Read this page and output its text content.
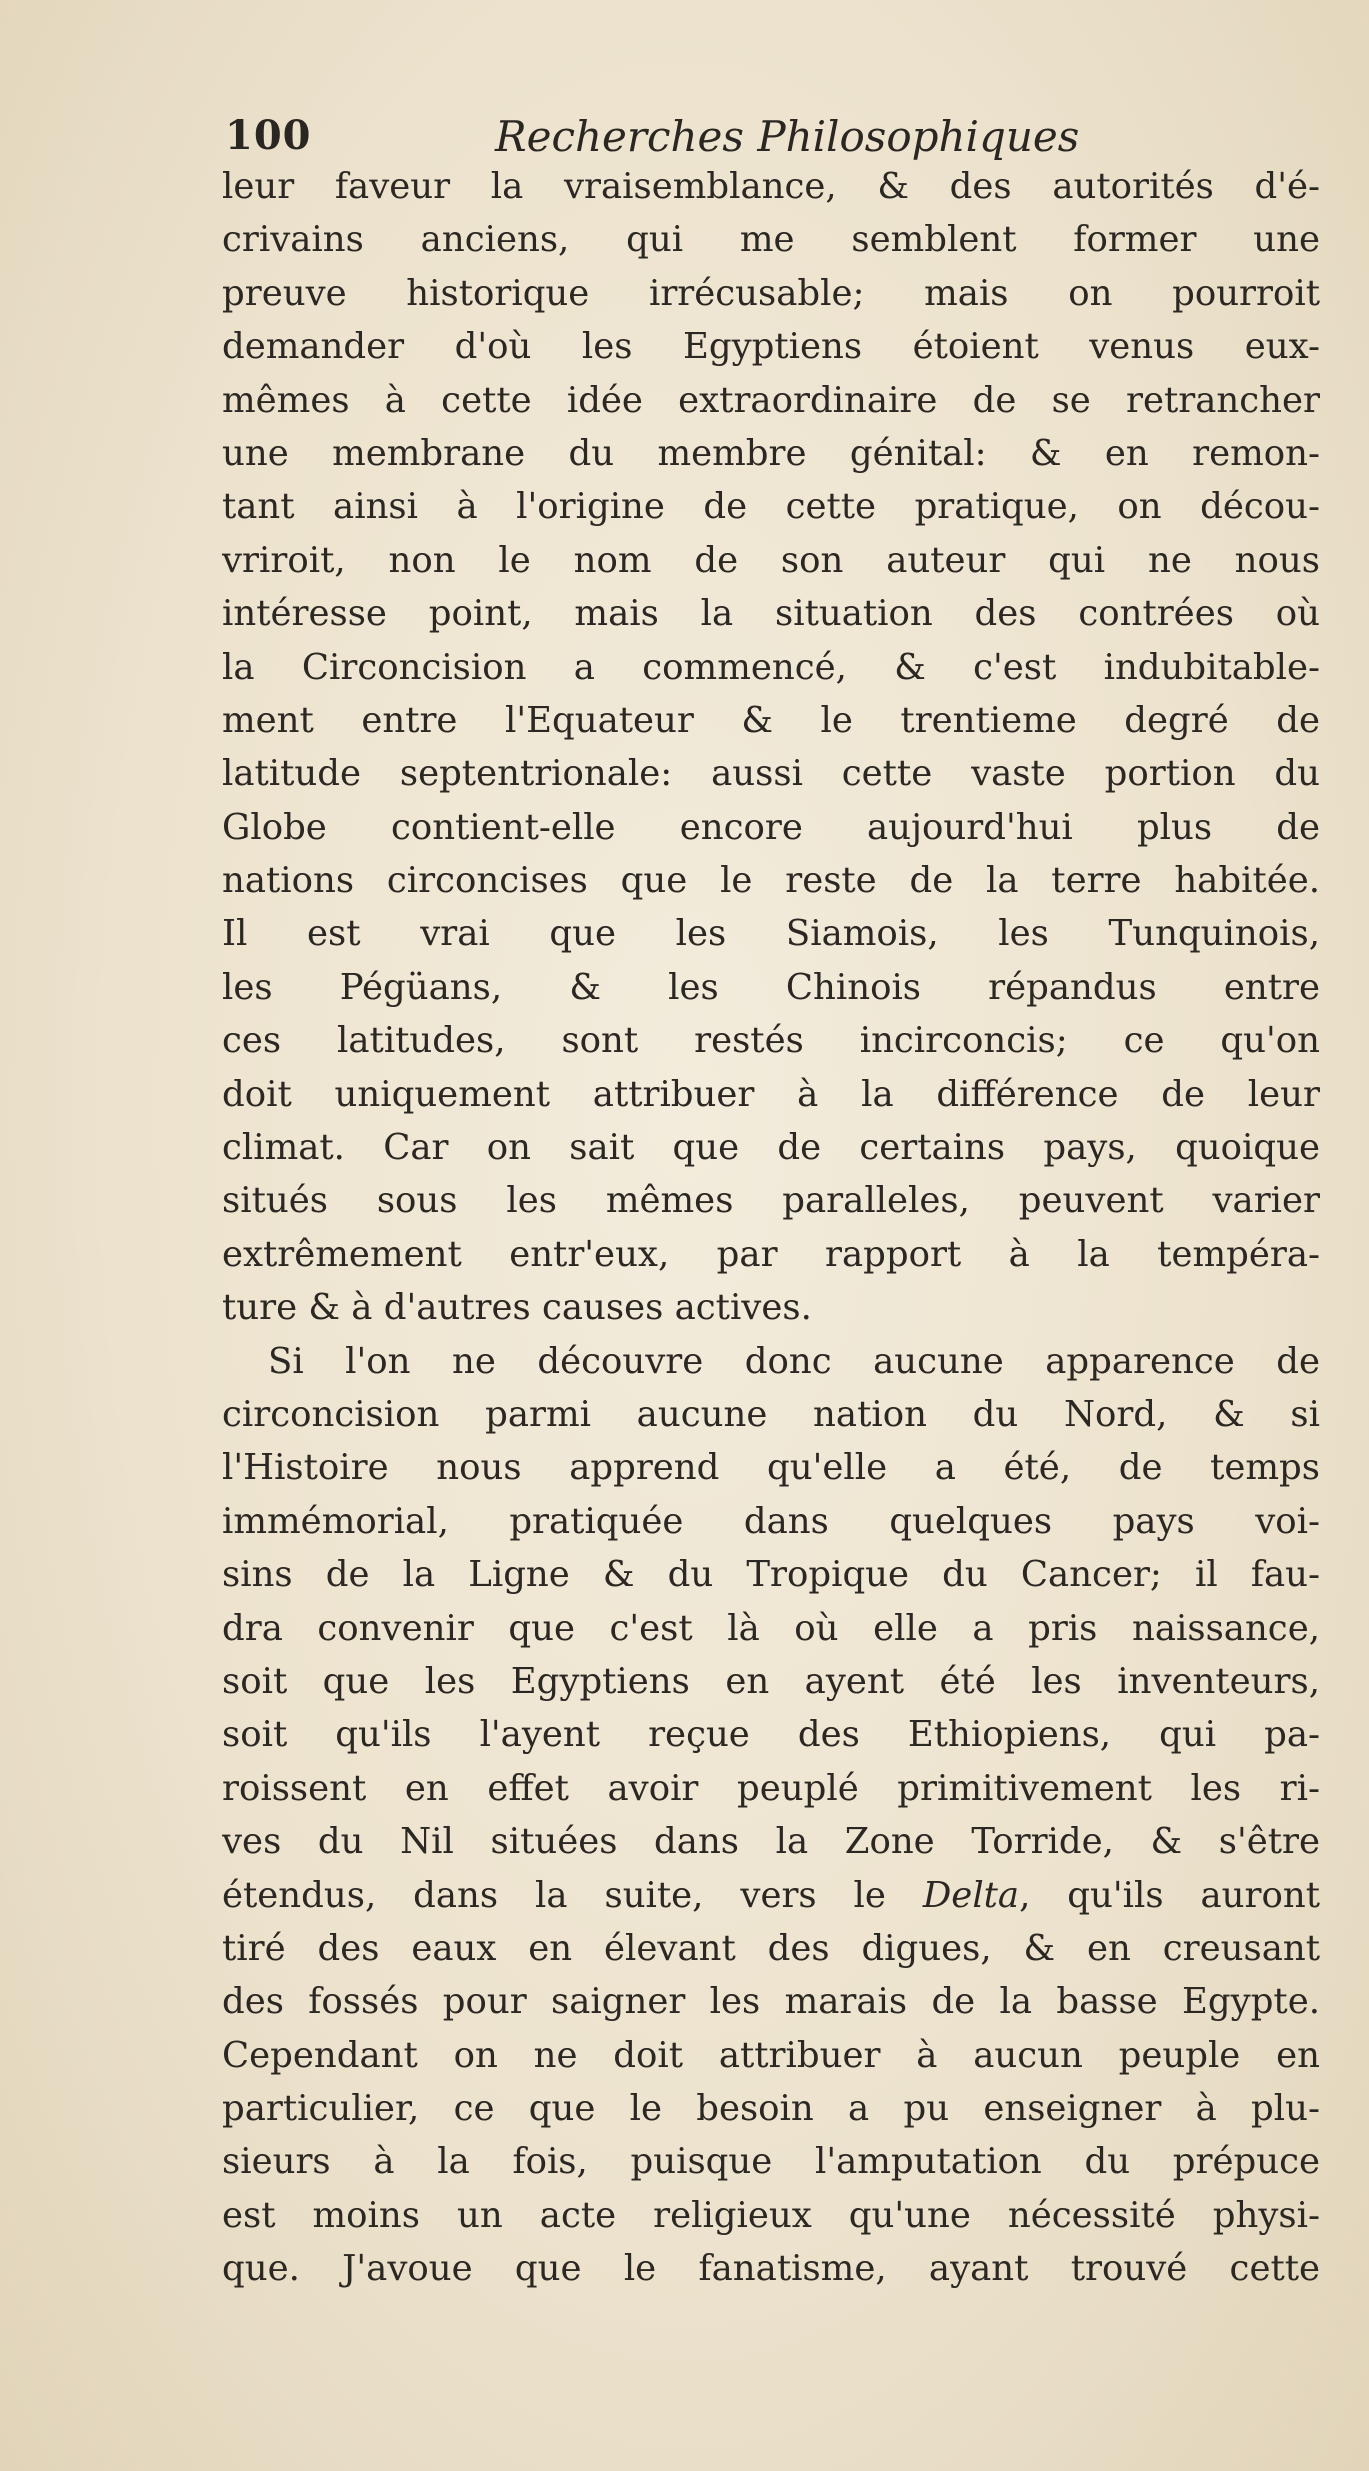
100	Recherches Philosophiques
leur faveur la vraisemblance, & des autorités d'é-
crivains anciens, qui me semblent former une
preuve historique irrécusable; mais on pourroit
demander d'où les Egyptiens étoient venus eux-
mêmes à cette idée extraordinaire de se retrancher
une membrane du membre génital: & en remon-
tant ainsi à l'origine de cette pratique, on décou-
vriroit, non le nom de son auteur qui ne nous
intéresse point, mais la situation des contrées où
la Circoncision a commencé, & c'est indubitable-
ment entre l'Equateur & le trentieme degré de
latitude septentrionale: aussi cette vaste portion du
Globe contient-elle encore aujourd'hui plus de
nations circoncises que le reste de la terre habitée.
Il est vrai que les Siamois, les Tunquinois,
les Pégüans, & les Chinois répandus entre
ces latitudes, sont restés incirconcis; ce qu'on
doit uniquement attribuer à la différence de leur
climat. Car on sait que de certains pays, quoique
situés sous les mêmes paralleles, peuvent varier
extrêmement entr'eux, par rapport à la tempéra-
ture & à d'autres causes actives.
Si l'on ne découvre donc aucune apparence de
circoncision parmi aucune nation du Nord, & si
l'Histoire nous apprend qu'elle a été, de temps
immémorial, pratiquée dans quelques pays voi-
sins de la Ligne & du Tropique du Cancer; il fau-
dra convenir que c'est là où elle a pris naissance,
soit que les Egyptiens en ayent été les inventeurs,
soit qu'ils l'ayent reçue des Ethiopiens, qui pa-
roissent en effet avoir peuplé primitivement les ri-
ves du Nil situées dans la Zone Torride, & s'être
étendus, dans la suite, vers le Delta, qu'ils auront
tiré des eaux en élevant des digues, & en creusant
des fossés pour saigner les marais de la basse Egypte.
Cependant on ne doit attribuer à aucun peuple en
particulier, ce que le besoin a pu enseigner à plu-
sieurs à la fois, puisque l'amputation du prépuce
est moins un acte religieux qu'une nécessité physi-
que. J'avoue que le fanatisme, ayant trouvé cette
